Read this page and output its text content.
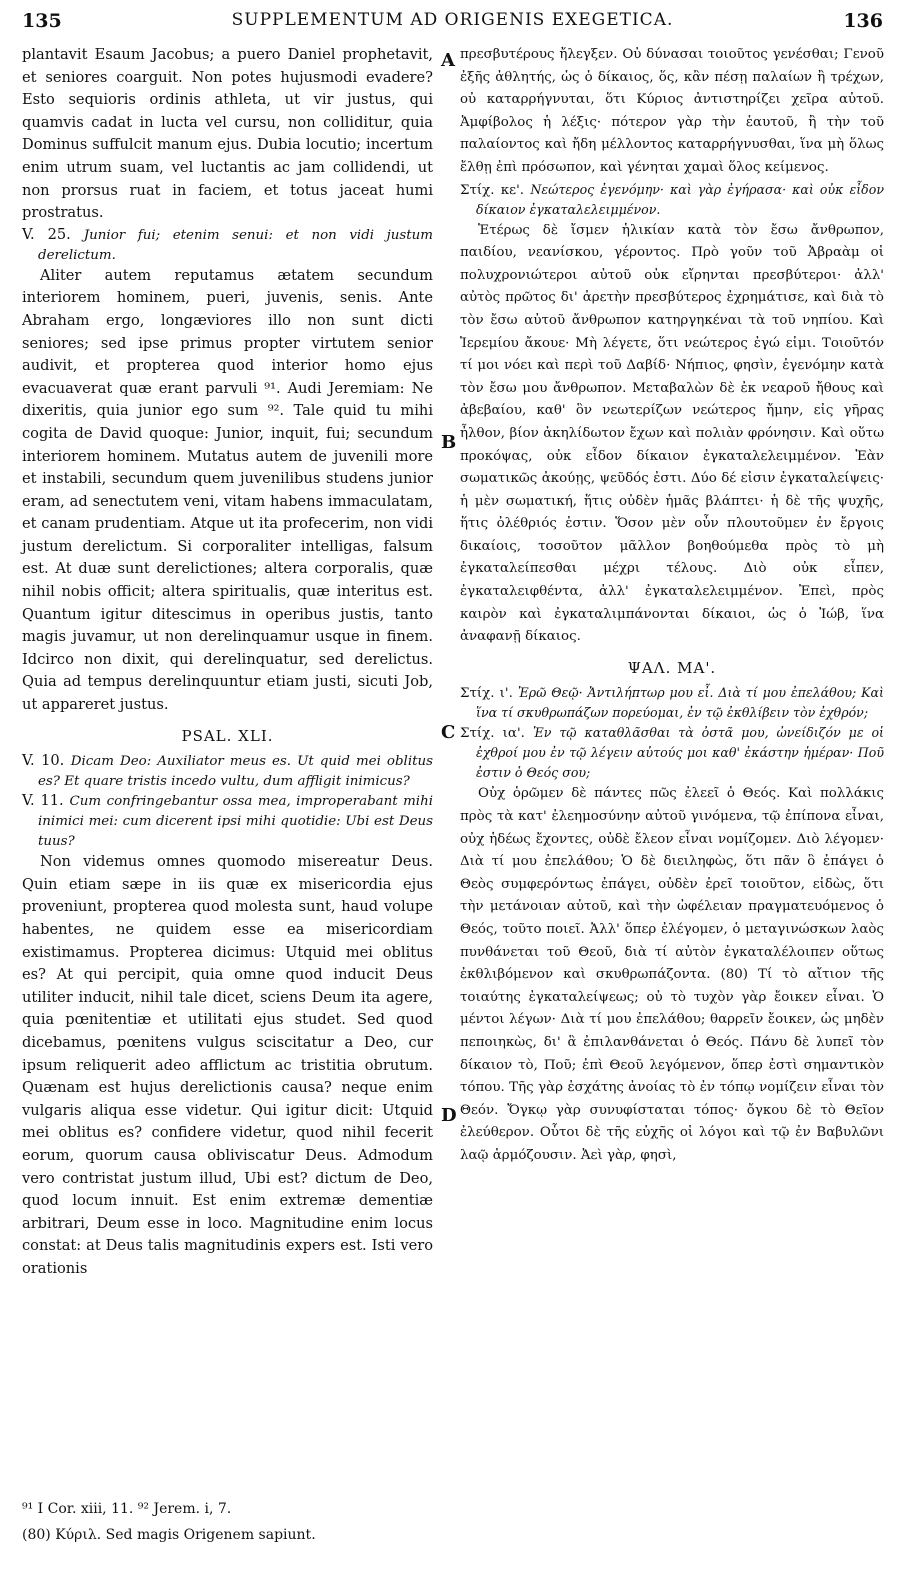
135	SUPPLEMENTUM AD ORIGENIS EXEGETICA.	136
A
B
C
D

plantavit Esaum Jacobus; a puero Daniel prophetavit, et seniores coarguit. Non potes hujusmodi evadere? Esto sequioris ordinis athleta, ut vir justus, qui quamvis cadat in lucta vel cursu, non colliditur, quia Dominus suffulcit manum ejus. Dubia locutio; incertum enim utrum suam, vel luctantis ac jam collidendi, ut non prorsus ruat in faciem, et totus jaceat humi prostratus.

V. 25. Junior fui; etenim senui: et non vidi justum derelictum.

Aliter autem reputamus ætatem secundum interiorem hominem, pueri, juvenis, senis. Ante Abraham ergo, longæviores illo non sunt dicti seniores; sed ipse primus propter virtutem senior audivit, et propterea quod interior homo ejus evacuaverat quæ erant parvuli ⁹¹. Audi Jeremiam: Ne dixeritis, quia junior ego sum ⁹². Tale quid tu mihi cogita de David quoque: Junior, inquit, fui; secundum interiorem hominem. Mutatus autem de juvenili more et instabili, secundum quem juvenilibus studens junior eram, ad senectutem veni, vitam habens immaculatam, et canam prudentiam. Atque ut ita profecerim, non vidi justum derelictum. Si corporaliter intelligas, falsum est. At duæ sunt derelictiones; altera corporalis, quæ nihil nobis officit; altera spiritualis, quæ interitus est. Quantum igitur ditescimus in operibus justis, tanto magis juvamur, ut non derelinquamur usque in finem. Idcirco non dixit, qui derelinquatur, sed derelictus. Quia ad tempus derelinquuntur etiam justi, sicuti Job, ut appareret justus.

PSAL. XLI.

V. 10. Dicam Deo: Auxiliator meus es. Ut quid mei oblitus es? Et quare tristis incedo vultu, dum affligit inimicus?

V. 11. Cum confringebantur ossa mea, improperabant mihi inimici mei: cum dicerent ipsi mihi quotidie: Ubi est Deus tuus?

Non videmus omnes quomodo misereatur Deus. Quin etiam sæpe in iis quæ ex misericordia ejus proveniunt, propterea quod molesta sunt, haud volupe habentes, ne quidem esse ea misericordiam existimamus. Propterea dicimus: Utquid mei oblitus es? At qui percipit, quia omne quod inducit Deus utiliter inducit, nihil tale dicet, sciens Deum ita agere, quia pœnitentiæ et utilitati ejus studet. Sed quod dicebamus, pœnitens vulgus sciscitatur a Deo, cur ipsum reliquerit adeo afflictum ac tristitia obrutum. Quænam est hujus derelictionis causa? neque enim vulgaris aliqua esse videtur. Qui igitur dicit: Utquid mei oblitus es? confidere videtur, quod nihil fecerit eorum, quorum causa obliviscatur Deus. Admodum vero contristat justum illud, Ubi est? dictum de Deo, quod locum innuit. Est enim extremæ dementiæ arbitrari, Deum esse in loco. Magnitudine enim locus constat: at Deus talis magnitudinis expers est. Isti vero orationis

πρεσβυτέρους ἤλεγξεν. Οὐ δύνασαι τοιοῦτος γενέσθαι; Γενοῦ ἐξῆς ἀθλητής, ὡς ὁ δίκαιος, ὅς, κἂν πέσῃ παλαίων ἢ τρέχων, οὐ καταρρήγνυται, ὅτι Κύριος ἀντιστηρίζει χεῖρα αὐτοῦ. Ἀμφίβολος ἡ λέξις· πότερον γὰρ τὴν ἑαυτοῦ, ἢ τὴν τοῦ παλαίοντος καὶ ἤδη μέλλοντος καταρρήγνυσθαι, ἵνα μὴ ὅλως ἔλθῃ ἐπὶ πρόσωπον, καὶ γένηται χαμαὶ ὅλος κείμενος.

Στίχ. κε'. Νεώτερος ἐγενόμην· καὶ γὰρ ἐγήρασα· καὶ οὐκ εἶδον δίκαιον ἐγκαταλελειμμένον.

Ἑτέρως δὲ ἴσμεν ἡλικίαν κατὰ τὸν ἔσω ἄνθρωπον, παιδίου, νεανίσκου, γέροντος. Πρὸ γοῦν τοῦ Ἀβραὰμ οἱ πολυχρονιώτεροι αὐτοῦ οὐκ εἴρηνται πρεσβύτεροι· ἀλλ' αὐτὸς πρῶτος δι' ἀρετὴν πρεσβύτερος ἐχρημάτισε, καὶ διὰ τὸ τὸν ἔσω αὐτοῦ ἄνθρωπον κατηργηκέναι τὰ τοῦ νηπίου. Καὶ Ἱερεμίου ἄκουε· Μὴ λέγετε, ὅτι νεώτερος ἐγώ εἰμι. Τοιοῦτόν τί μοι νόει καὶ περὶ τοῦ Δαβίδ· Νήπιος, φησὶν, ἐγενόμην κατὰ τὸν ἔσω μου ἄνθρωπον. Μεταβαλὼν δὲ ἐκ νεαροῦ ἤθους καὶ ἀβεβαίου, καθ' ὃν νεωτερίζων νεώτερος ἤμην, εἰς γῆρας ἦλθον, βίον ἀκηλίδωτον ἔχων καὶ πολιὰν φρόνησιν. Καὶ οὕτω προκόψας, οὐκ εἶδον δίκαιον ἐγκαταλελειμμένον. Ἐὰν σωματικῶς ἀκούῃς, ψεῦδός ἐστι. Δύο δέ εἰσιν ἐγκαταλείψεις· ἡ μὲν σωματική, ἥτις οὐδὲν ἡμᾶς βλάπτει· ἡ δὲ τῆς ψυχῆς, ἥτις ὀλέθριός ἐστιν. Ὅσον μὲν οὖν πλουτοῦμεν ἐν ἔργοις δικαίοις, τοσοῦτον μᾶλλον βοηθούμεθα πρὸς τὸ μὴ ἐγκαταλείπεσθαι μέχρι τέλους. Διὸ οὐκ εἶπεν, ἐγκαταλειφθέντα, ἀλλ' ἐγκαταλελειμμένον. Ἐπεὶ, πρὸς καιρὸν καὶ ἐγκαταλιμπάνονται δίκαιοι, ὡς ὁ Ἰώβ, ἵνα ἀναφανῇ δίκαιος.

ΨΑΛ. ΜΑ'.

Στίχ. ι'. Ἐρῶ Θεῷ· Ἀντιλήπτωρ μου εἶ. Διὰ τί μου ἐπελάθου; Καὶ ἵνα τί σκυθρωπάζων πορεύομαι, ἐν τῷ ἐκθλίβειν τὸν ἐχθρόν;

Στίχ. ια'. Ἐν τῷ καταθλᾶσθαι τὰ ὀστᾶ μου, ὠνείδιζόν με οἱ ἐχθροί μου ἐν τῷ λέγειν αὐτούς μοι καθ' ἑκάστην ἡμέραν· Ποῦ ἐστιν ὁ Θεός σου;

Οὐχ ὁρῶμεν δὲ πάντες πῶς ἐλεεῖ ὁ Θεός. Καὶ πολλάκις πρὸς τὰ κατ' ἐλεημοσύνην αὐτοῦ γινόμενα, τῷ ἐπίπονα εἶναι, οὐχ ἡδέως ἔχοντες, οὐδὲ ἔλεον εἶναι νομίζομεν. Διὸ λέγομεν· Διὰ τί μου ἐπελάθου; Ὁ δὲ διειληφὼς, ὅτι πᾶν ὃ ἐπάγει ὁ Θεὸς συμφερόντως ἐπάγει, οὐδὲν ἐρεῖ τοιοῦτον, εἰδὼς, ὅτι τὴν μετάνοιαν αὐτοῦ, καὶ τὴν ὠφέλειαν πραγματευόμενος ὁ Θεός, τοῦτο ποιεῖ. Ἀλλ' ὅπερ ἐλέγομεν, ὁ μεταγινώσκων λαὸς πυνθάνεται τοῦ Θεοῦ, διὰ τί αὐτὸν ἐγκαταλέλοιπεν οὕτως ἐκθλιβόμενον καὶ σκυθρωπάζοντα. (80) Τί τὸ αἴτιον τῆς τοιαύτης ἐγκαταλείψεως; οὐ τὸ τυχὸν γὰρ ἔοικεν εἶναι. Ὁ μέντοι λέγων· Διὰ τί μου ἐπελάθου; θαρρεῖν ἔοικεν, ὡς μηδὲν πεποιηκὼς, δι' ἃ ἐπιλανθάνεται ὁ Θεός. Πάνυ δὲ λυπεῖ τὸν δίκαιον τὸ, Ποῦ; ἐπὶ Θεοῦ λεγόμενον, ὅπερ ἐστὶ σημαντικὸν τόπου. Τῆς γὰρ ἐσχάτης ἀνοίας τὸ ἐν τόπῳ νομίζειν εἶναι τὸν Θεόν. Ὄγκῳ γὰρ συνυφίσταται τόπος· ὄγκου δὲ τὸ Θεῖον ἐλεύθερον. Οὗτοι δὲ τῆς εὐχῆς οἱ λόγοι καὶ τῷ ἐν Βαβυλῶνι λαῷ ἁρμόζουσιν. Ἀεὶ γὰρ, φησὶ,

⁹¹ I Cor. xiii, 11. ⁹² Jerem. i, 7.
(80) Κύριλ. Sed magis Origenem sapiunt.
